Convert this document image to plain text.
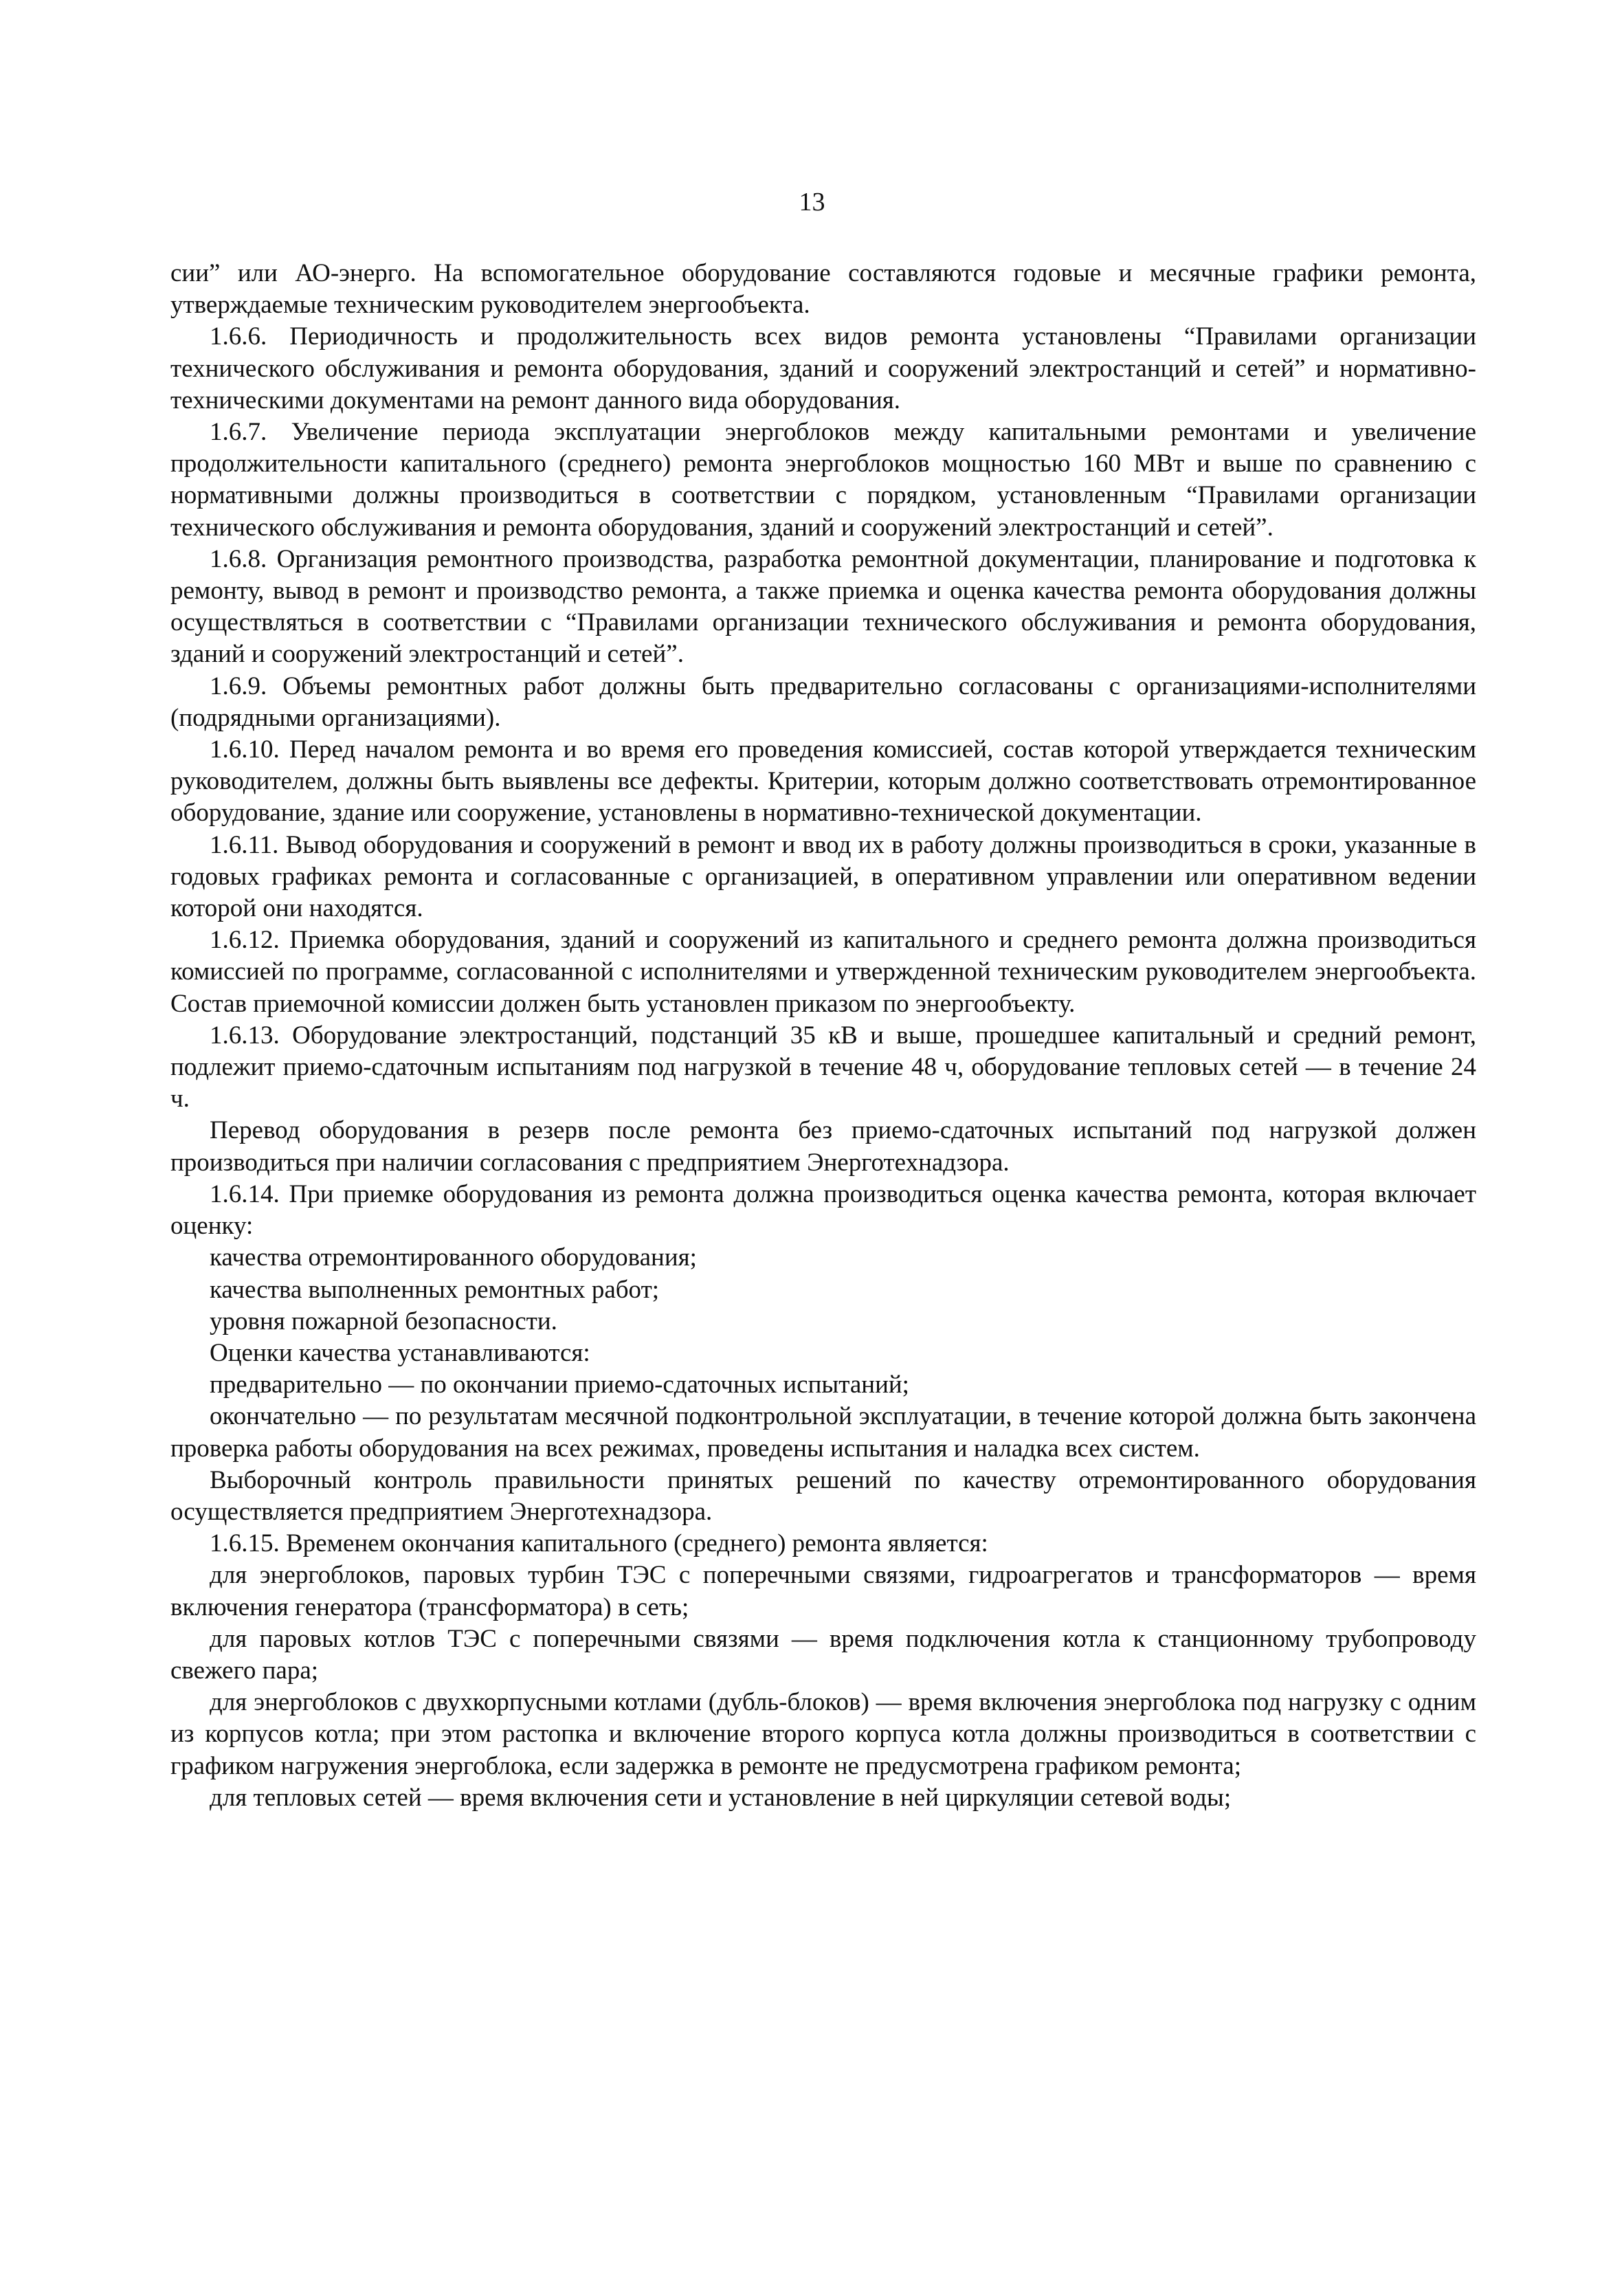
13

сии” или АО-энерго. На вспомогательное оборудование составляются годовые и месячные графики ремонта, утверждаемые техническим руководителем энергообъекта.

1.6.6. Периодичность и продолжительность всех видов ремонта установлены “Правилами организации технического обслуживания и ремонта оборудования, зданий и сооружений электростанций и сетей” и нормативно-техническими документами на ремонт данного вида оборудования.

1.6.7. Увеличение периода эксплуатации энергоблоков между капитальными ремонтами и увеличение продолжительности капитального (среднего) ремонта энергоблоков мощностью 160 МВт и выше по сравнению с нормативными должны производиться в соответствии с порядком, установленным “Правилами организации технического обслуживания и ремонта оборудования, зданий и сооружений электростанций и сетей”.

1.6.8. Организация ремонтного производства, разработка ремонтной документации, планирование и подготовка к ремонту, вывод в ремонт и производство ремонта, а также приемка и оценка качества ремонта оборудования должны осуществляться в соответствии с “Правилами организации технического обслуживания и ремонта оборудования, зданий и сооружений электростанций и сетей”.

1.6.9. Объемы ремонтных работ должны быть предварительно согласованы с организациями-исполнителями (подрядными организациями).

1.6.10. Перед началом ремонта и во время его проведения комиссией, состав которой утверждается техническим руководителем, должны быть выявлены все дефекты. Критерии, которым должно соответствовать отремонтированное оборудование, здание или сооружение, установлены в нормативно-технической документации.

1.6.11. Вывод оборудования и сооружений в ремонт и ввод их в работу должны производиться в сроки, указанные в годовых графиках ремонта и согласованные с организацией, в оперативном управлении или оперативном ведении которой они находятся.

1.6.12. Приемка оборудования, зданий и сооружений из капитального и среднего ремонта должна производиться комиссией по программе, согласованной с исполнителями и утвержденной техническим руководителем энергообъекта. Состав приемочной комиссии должен быть установлен приказом по энергообъекту.

1.6.13. Оборудование электростанций, подстанций 35 кВ и выше, прошедшее капитальный и средний ремонт, подлежит приемо-сдаточным испытаниям под нагрузкой в течение 48 ч, оборудование тепловых сетей — в течение 24 ч.

Перевод оборудования в резерв после ремонта без приемо-сдаточных испытаний под нагрузкой должен производиться при наличии согласования с предприятием Энерготехнадзора.

1.6.14. При приемке оборудования из ремонта должна производиться оценка качества ремонта, которая включает оценку:

качества отремонтированного оборудования;

качества выполненных ремонтных работ;

уровня пожарной безопасности.

Оценки качества устанавливаются:

предварительно — по окончании приемо-сдаточных испытаний;

окончательно — по результатам месячной подконтрольной эксплуатации, в течение которой должна быть закончена проверка работы оборудования на всех режимах, проведены испытания и наладка всех систем.

Выборочный контроль правильности принятых решений по качеству отремонтированного оборудования осуществляется предприятием Энерготехнадзора.

1.6.15. Временем окончания капитального (среднего) ремонта является:

для энергоблоков, паровых турбин ТЭС с поперечными связями, гидроагрегатов и трансформаторов — время включения генератора (трансформатора) в сеть;

для паровых котлов ТЭС с поперечными связями — время подключения котла к станционному трубопроводу свежего пара;

для энергоблоков с двухкорпусными котлами (дубль-блоков) — время включения энергоблока под нагрузку с одним из корпусов котла; при этом растопка и включение второго корпуса котла должны производиться в соответствии с графиком нагружения энергоблока, если задержка в ремонте не предусмотрена графиком ремонта;

для тепловых сетей — время включения сети и установление в ней циркуляции сетевой воды;
